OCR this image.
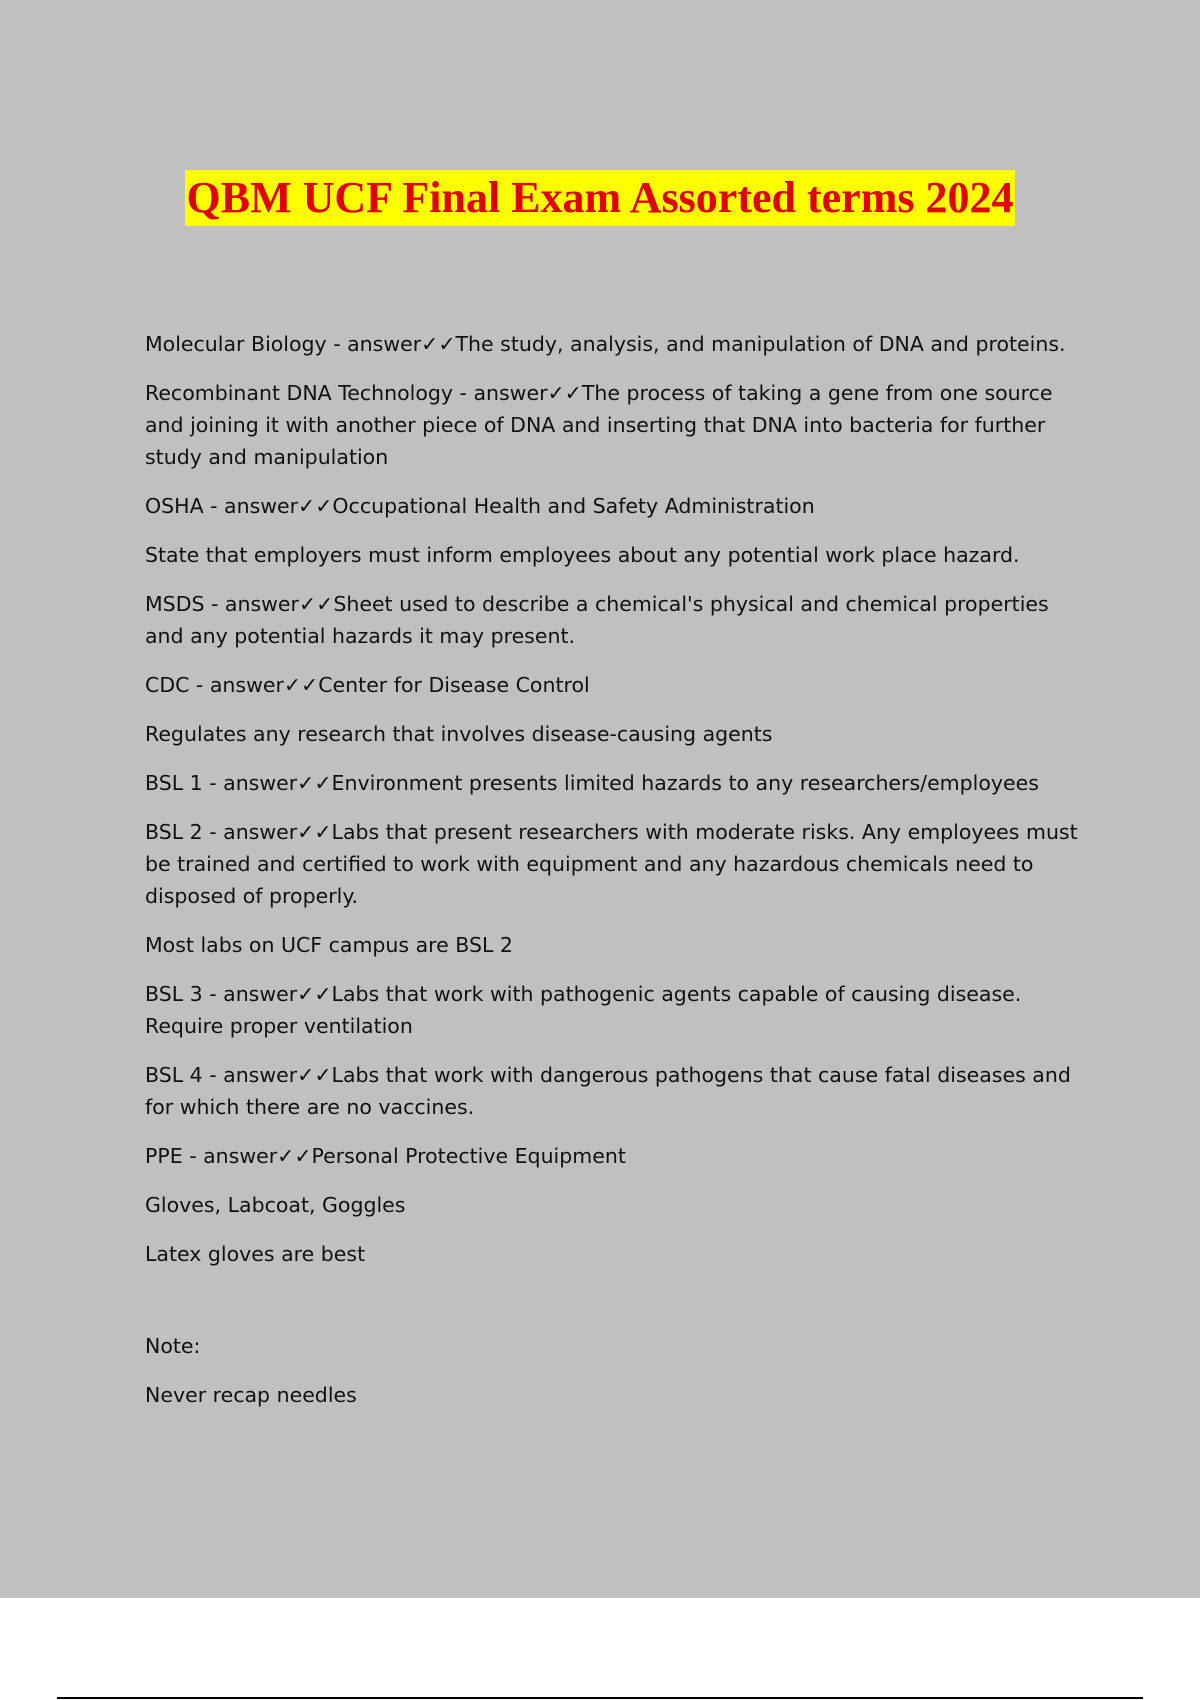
QBM UCF Final Exam Assorted terms 2024

Molecular Biology - answer✓✓The study, analysis, and manipulation of DNA and proteins.

Recombinant DNA Technology - answer✓✓The process of taking a gene from one source and joining it with another piece of DNA and inserting that DNA into bacteria for further study and manipulation

OSHA - answer✓✓Occupational Health and Safety Administration

State that employers must inform employees about any potential work place hazard.

MSDS - answer✓✓Sheet used to describe a chemical's physical and chemical properties and any potential hazards it may present.

CDC - answer✓✓Center for Disease Control

Regulates any research that involves disease-causing agents

BSL 1 - answer✓✓Environment presents limited hazards to any researchers/employees

BSL 2 - answer✓✓Labs that present researchers with moderate risks. Any employees must be trained and certified to work with equipment and any hazardous chemicals need to disposed of properly.

Most labs on UCF campus are BSL 2

BSL 3 - answer✓✓Labs that work with pathogenic agents capable of causing disease. Require proper ventilation

BSL 4 - answer✓✓Labs that work with dangerous pathogens that cause fatal diseases and for which there are no vaccines.

PPE - answer✓✓Personal Protective Equipment

Gloves, Labcoat, Goggles

Latex gloves are best

Note:

Never recap needles
